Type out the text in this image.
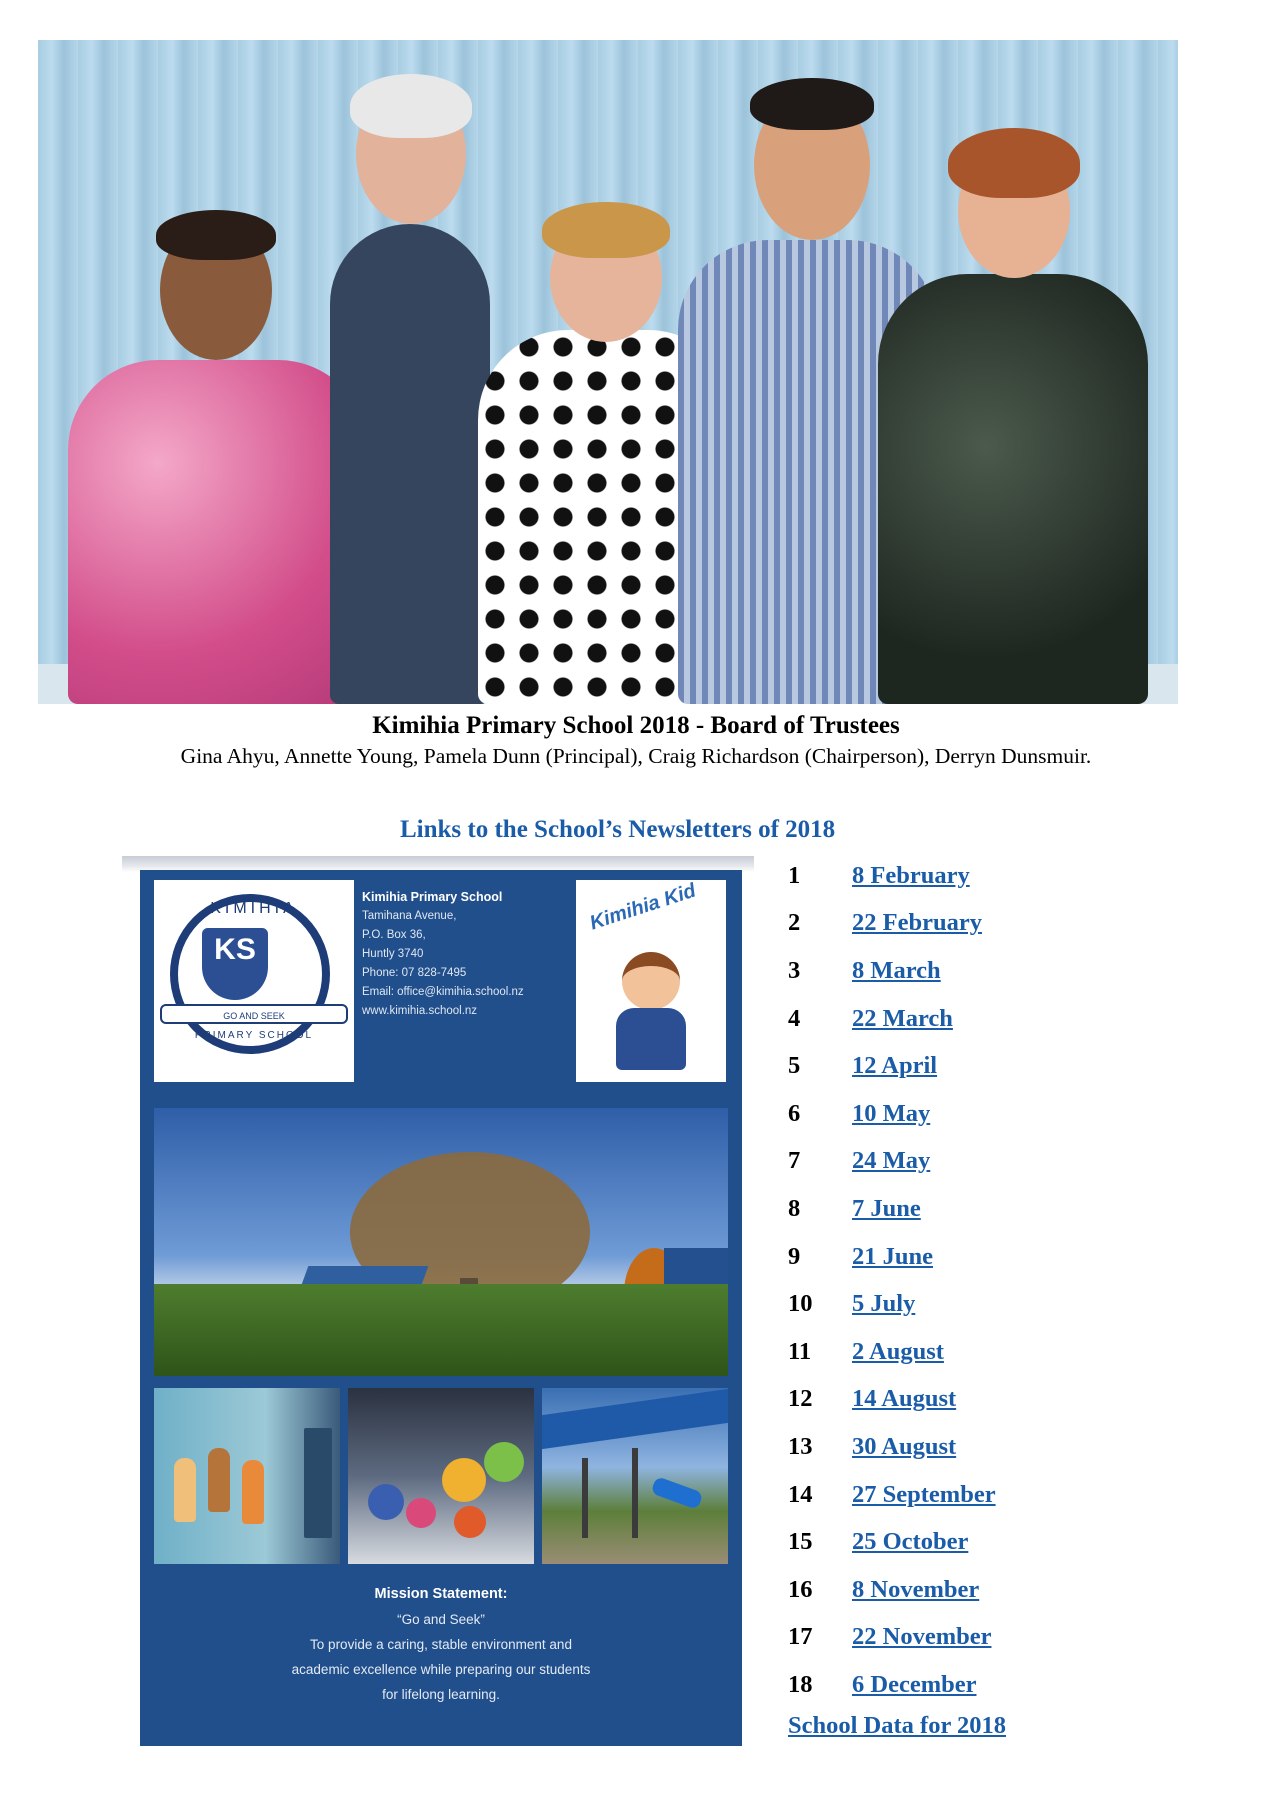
Kimihia Primary School 2018 - Board of Trustees
Gina Ahyu, Annette Young, Pamela Dunn (Principal), Craig Richardson (Chairperson), Derryn Dunsmuir.
Links to the School’s Newsletters of 2018
KIMIHIA
KS
GO AND SEEK
PRIMARY SCHOOL
Kimihia Primary School
Tamihana Avenue,
P.O. Box 36,
Huntly 3740
Phone: 07 828-7495
Email: office@kimihia.school.nz
www.kimihia.school.nz
Kimihia Kid
Mission Statement:
“Go and Seek”
To provide a caring, stable environment and
academic excellence while preparing our students
for lifelong learning.
1	8 February
2	22 February
3	8 March
4	22 March
5	12 April
6	10 May
7	24 May
8	7 June
9	21 June
10	5 July
11	2 August
12	14 August
13	30 August
14	27 September
15	25 October
16	8 November
17	22 November
18	6 December
School Data for 2018
